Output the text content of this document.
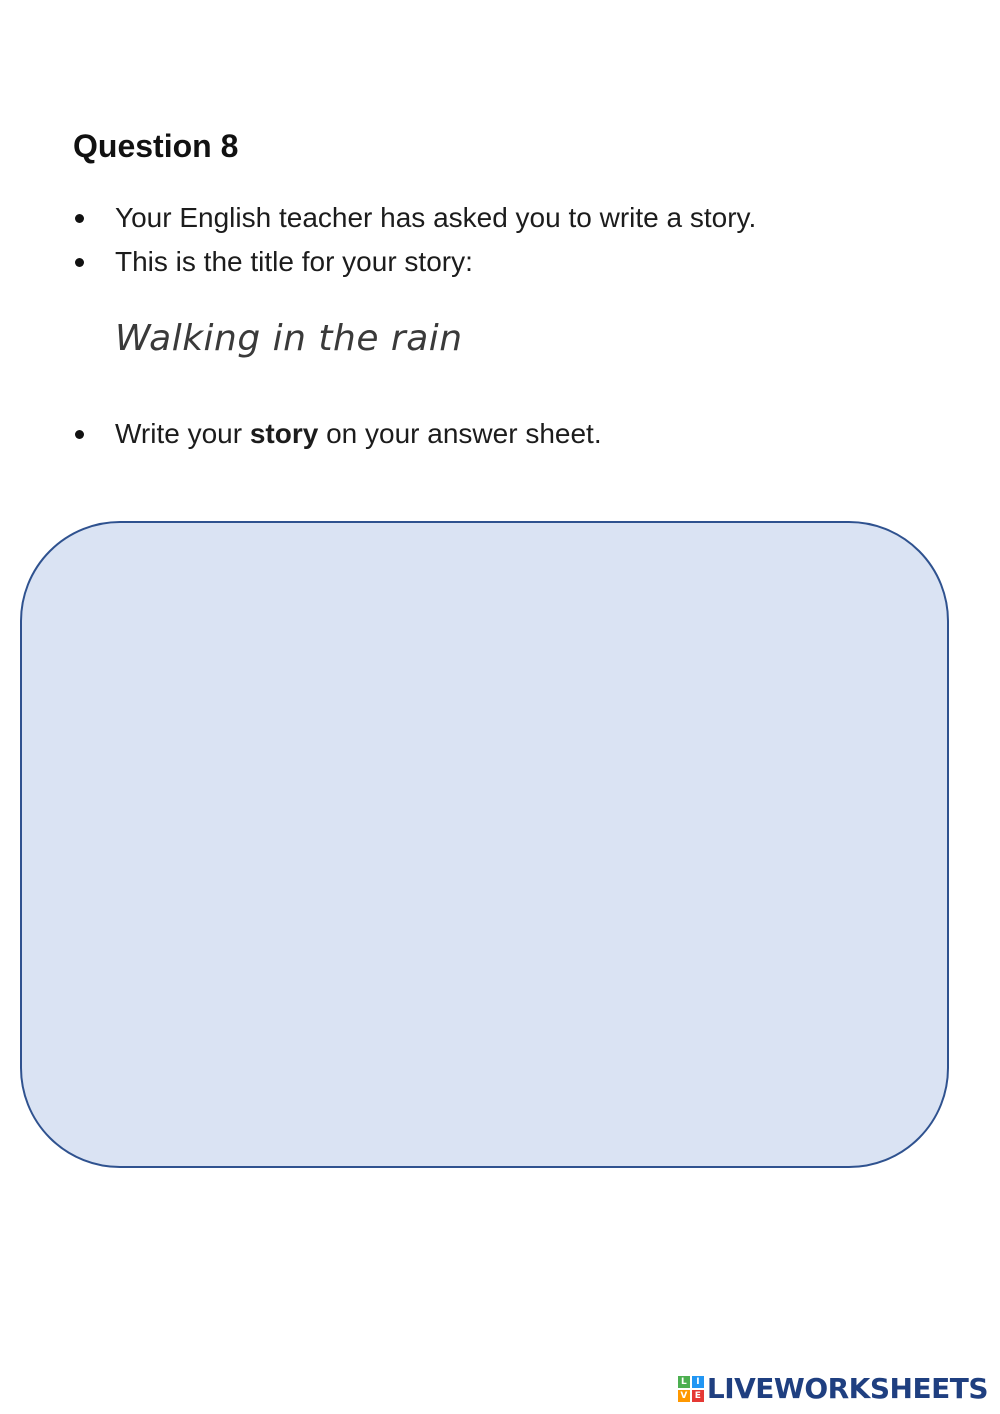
Question 8
Your English teacher has asked you to write a story.
This is the title for your story:

Walking in the rain

Write your story on your answer sheet.
L	I
V E LIVEWORKSHEETS
